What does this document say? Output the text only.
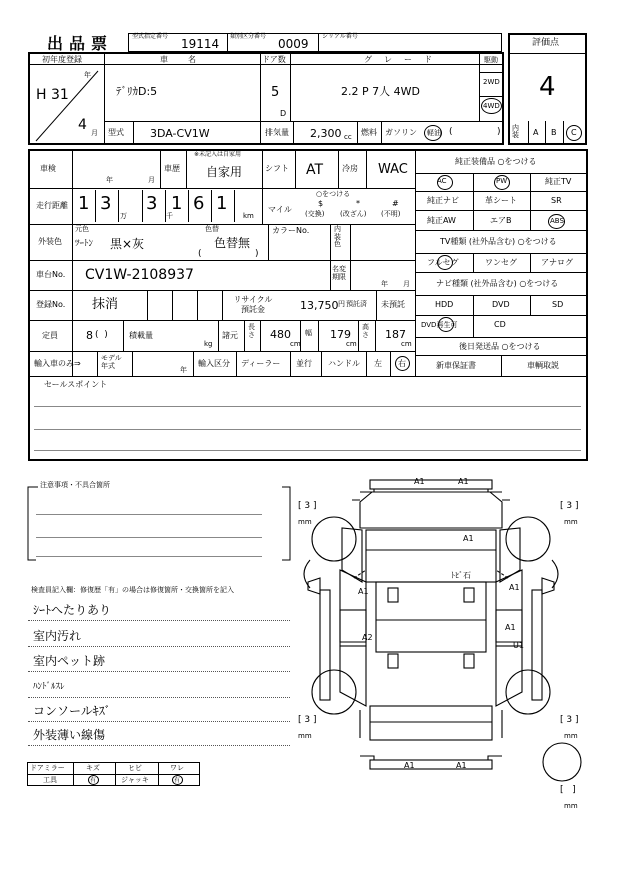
出品票	型式指定番号
19114
類別区分番号
0009
シリアル番号
評価点
4
初年度登録
年
H 31
4 月
車名
ﾃﾞﾘｶD:5
ドア数
5
D
グレード
2.2 P 7人 4WD
駆動
2WD
4WD
型式 3DA-CV1W	排気量 2,300 cc 燃料 ガソリン 軽油 (	) 内装	A B C
車検
年	月
車歴
※未記入は自家用
自家用	シフト AT 冷房 WAC
走行距離 1 3
万
3
千
1 6 1
km
○をつける
マイル
$
(交換)
*
(改ざん)
#
(不明)
外装色
元色
ﾂｰﾄﾝ 黒×灰
色替
色替無
(	)
カラーNo.	内装色
車台No. CV1W-2108937	名変期限
年 月
登録No. 抹消	リサイクル預託金	13,750 円 預託済 未預託
定員	8 (  )	積載量
kg
諸元
長さ 480
cm
幅 179
cm
高さ 187
cm
輸入車のみ⇒
モデル年式
年
輸入区分 ディーラー 並行 ハンドル 左 右
純正装備品 ○をつける
AC	PW	純正TV
純正ナビ	革シート	SR
純正AW	エアB	ABS
TV種類 (社外品含む) ○をつける
フルセグ	ワンセグ	アナログ
ナビ種類 (社外品含む) ○をつける
HDD	DVD	SD
DVD再生可	CD
後日発送品 ○をつける
新車保証書	車輌取説
セールスポイント
注意事項・不具合箇所
検査員記入欄：修復歴「有」の場合は修復箇所・交換箇所を記入
ｼｰﾄへたりあり
室内汚れ
室内ペット跡
ﾊﾝﾄﾞﾙｽﾚ
コンソールｷｽﾞ
外装薄い線傷
ドアミラー	キズ	ヒビ	ワレ
工具	有	ジャッキ	有
A1	A1
A1
ﾄﾋﾞ石
A1	A1
A2
A1
U1
A1	A1
[ 3 ]
mm
[ 3 ]
mm
[ 3 ]
mm
[ 3 ]
mm
[   ]
mm
